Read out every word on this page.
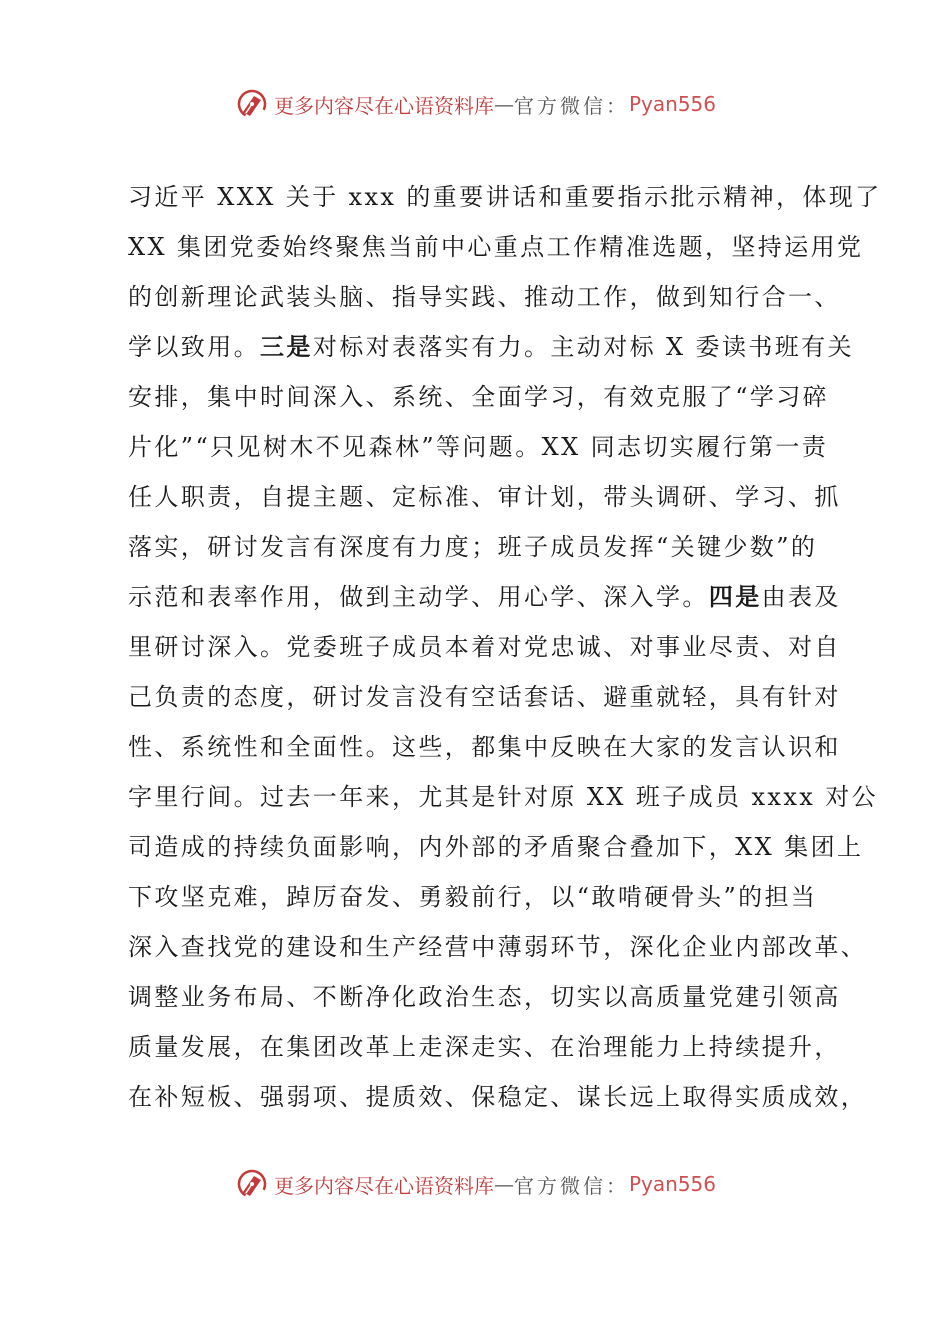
更多内容尽在心语资料库 — 官方微信： Pyan556
习近平 XXX 关于 xxx 的重要讲话和重要指示批示精神，体现了
XX 集团党委始终聚焦当前中心重点工作精准选题，坚持运用党
的创新理论武装头脑、指导实践、推动工作，做到知行合一、
学以致用。三是对标对表落实有力。主动对标 X 委读书班有关
安排，集中时间深入、系统、全面学习，有效克服了“学习碎
片化”“只见树木不见森林”等问题。XX 同志切实履行第一责
任人职责，自提主题、定标准、审计划，带头调研、学习、抓
落实，研讨发言有深度有力度；班子成员发挥“关键少数”的
示范和表率作用，做到主动学、用心学、深入学。四是由表及
里研讨深入。党委班子成员本着对党忠诚、对事业尽责、对自
己负责的态度，研讨发言没有空话套话、避重就轻，具有针对
性、系统性和全面性。这些，都集中反映在大家的发言认识和
字里行间。过去一年来，尤其是针对原 XX 班子成员 xxxx 对公
司造成的持续负面影响，内外部的矛盾聚合叠加下，XX 集团上
下攻坚克难，踔厉奋发、勇毅前行，以“敢啃硬骨头”的担当
深入查找党的建设和生产经营中薄弱环节，深化企业内部改革、
调整业务布局、不断净化政治生态，切实以高质量党建引领高
质量发展，在集团改革上走深走实、在治理能力上持续提升，
在补短板、强弱项、提质效、保稳定、谋长远上取得实质成效，
更多内容尽在心语资料库 — 官方微信： Pyan556
